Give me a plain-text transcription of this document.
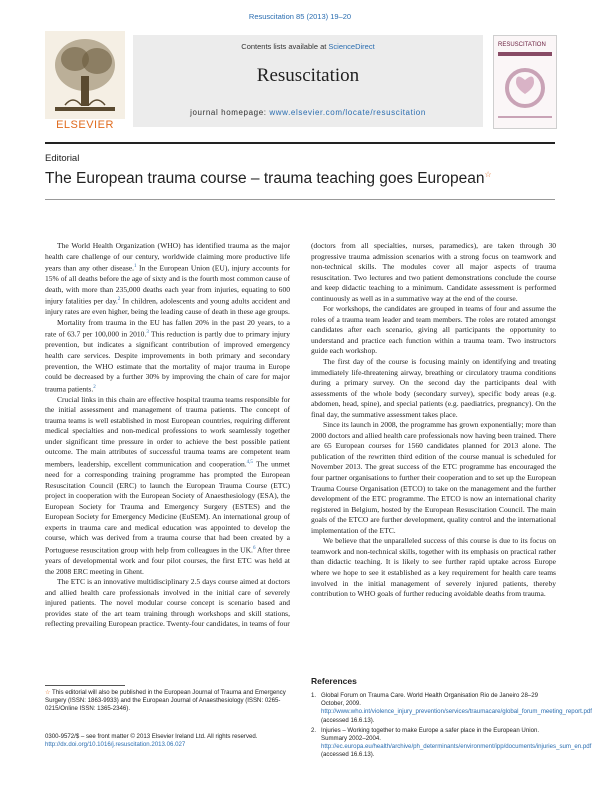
Resuscitation 85 (2013) 19–20
ELSEVIER
Contents lists available at ScienceDirect
Resuscitation
journal homepage: www.elsevier.com/locate/resuscitation
RESUSCITATION
Editorial
The European trauma course – trauma teaching goes European☆

The World Health Organization (WHO) has identified trauma as the major health care challenge of our century, worldwide claiming more productive life years than any other disease.$^1$ In the European Union (EU), injury accounts for 15% of all deaths before the age of sixty and is the fourth most common cause of death, with more than 235,000 deaths each year from injuries, equating to 600 injury fatalities per day.$^2$ In children, adolescents and young adults accident and injury rates are even higher, being the leading cause of death in these age groups.

Mortality from trauma in the EU has fallen 20% in the past 20 years, to a rate of 63.7 per 100,000 in 2010.$^3$ This reduction is partly due to primary injury prevention, but indicates a significant contribution of improved emergency health care services. Despite improvements in both primary and secondary prevention, the WHO estimate that the mortality of major trauma in Europe could be decreased by a further 30% by improving the chain of care for major trauma patients.$^2$

Crucial links in this chain are effective hospital trauma teams responsible for the initial assessment and management of trauma patients. The concept of trauma teams is well established in most European countries, requiring different medical specialties and non-medical professions to work seamlessly together under significant time pressure in order to achieve the best possible patient outcome. The main attributes of successful trauma teams are competent team members, leadership, excellent communication and cooperation.$^{4,5}$ The unmet need for a corresponding training programme has prompted the European Resuscitation Council (ERC) to launch the European Trauma Course (ETC) project in cooperation with the European Society of Anaesthesiology (ESA), the European Society for Trauma and Emergency Surgery (ESTES) and the European Society for Emergency Medicine (EuSEM). An international group of experts in trauma care and medical education was appointed to develop the course, which was derived from a trauma course that had been created by a Portuguese resuscitation group with help from colleagues in the UK.$^6$ After three years of developmental work and four pilot courses, the first ETC was held at the 2008 ERC meeting in Ghent.

The ETC is an innovative multidisciplinary 2.5 days course aimed at doctors and allied health care professionals involved in the initial care of severely injured patients. The novel modular course concept is scenario based and provides state of the art team training through workshops and skill stations, reflecting prevailing European practice. Twenty-four candidates, in teams of four

(doctors from all specialties, nurses, paramedics), are taken through 30 progressive trauma admission scenarios with a strong focus on teamwork and non-technical skills. The modules cover all major aspects of trauma resuscitation. Two lectures and two patient demonstrations conclude the course and keep didactic teaching to a minimum. Candidate assessment is performed continuously as well as in a summative way at the end of the course.

For workshops, the candidates are grouped in teams of four and assume the roles of a trauma team leader and team members. The roles are rotated amongst candidates after each scenario, giving all participants the opportunity to understand and practice each function within a trauma team. Two instructors guide each workshop.

The first day of the course is focusing mainly on identifying and treating immediately life-threatening airway, breathing or circulatory trauma conditions during a primary survey. On the second day the participants deal with assessments of the whole body (secondary survey), specific body areas (e.g. abdomen, head, spine), and special patients (e.g. paediatrics, pregnancy). On the final day, the summative assessment takes place.

Since its launch in 2008, the programme has grown exponentially; more than 2000 doctors and allied health care professionals now having been trained. There are 65 European courses for 1560 candidates planned for 2013 alone. The publication of the rewritten third edition of the course manual is scheduled for November 2013. The great success of the ETC programme has encouraged the four partner organisations to further their cooperation and to set up the European Trauma Course Organisation (ETCO) to take on the management and the further development of the ETC programme. The ETCO is now an international charity registered in Belgium, hosted by the European Resuscitation Council. The main goals of the ETCO are further development, quality control and the international implementation of the ETC.

We believe that the unparalleled success of this course is due to its focus on teamwork and non-technical skills, together with its emphasis on practical rather than didactic teaching. It is likely to see further rapid uptake across Europe where we hope to see it established as a key requirement for health care teams involved in the initial management of severely injured patients, thereby contribution to WHO goals of further reducing avoidable deaths from trauma.

References
1. Global Forum on Trauma Care. World Health Organisation Rio de Janeiro 28–29 October, 2009. http://www.who.int/violence_injury_prevention/services/traumacare/global_forum_meeting_report.pdf (accessed 16.6.13).
2. Injuries – Working together to make Europe a safer place in the European Union. Summary 2002–2004. http://ec.europa.eu/health/archive/ph_determinants/environment/ipp/documents/injuries_sum_en.pdf (accessed 16.6.13).
☆ This editorial will also be published in the European Journal of Trauma and Emergency Surgery (ISSN: 1863-9933) and the European Journal of Anaesthesiology (ISSN: 0265-0215/Online ISSN: 1365-2346).
0300-9572/$ – see front matter © 2013 Elsevier Ireland Ltd. All rights reserved.
http://dx.doi.org/10.1016/j.resuscitation.2013.06.027
